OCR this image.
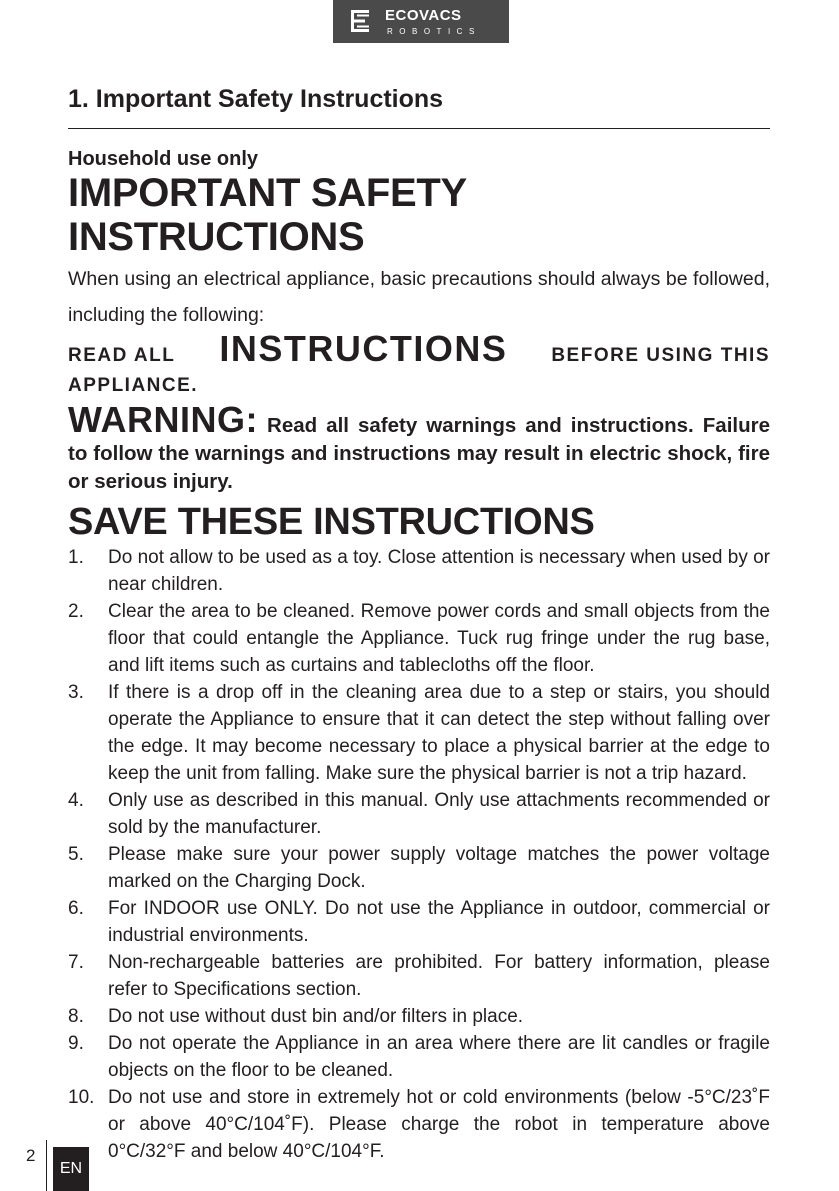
ECOVACS
ROBOTICS
1. Important Safety Instructions

Household use only

IMPORTANT SAFETY INSTRUCTIONS

When using an electrical appliance, basic precautions should always be followed, including the following:

READ ALL INSTRUCTIONS BEFORE USING THIS

APPLIANCE.

WARNING: Read all safety warnings and instructions. Failure to follow the warnings and instructions may result in electric shock, fire or serious injury.

SAVE THESE INSTRUCTIONS
1. Do not allow to be used as a toy. Close attention is necessary when used by or near children.
2. Clear the area to be cleaned. Remove power cords and small objects from the floor that could entangle the Appliance. Tuck rug fringe under the rug base, and lift items such as curtains and tablecloths off the floor.
3. If there is a drop off in the cleaning area due to a step or stairs, you should operate the Appliance to ensure that it can detect the step without falling over the edge. It may become necessary to place a physical barrier at the edge to keep the unit from falling. Make sure the physical barrier is not a trip hazard.
4. Only use as described in this manual. Only use attachments recommended or sold by the manufacturer.
5. Please make sure your power supply voltage matches the power voltage marked on the Charging Dock.
6. For INDOOR use ONLY. Do not use the Appliance in outdoor, commercial or industrial environments.
7. Non-rechargeable batteries are prohibited. For battery information, please refer to Specifications section.
8. Do not use without dust bin and/or filters in place.
9. Do not operate the Appliance in an area where there are lit candles or fragile objects on the floor to be cleaned.
10. Do not use and store in extremely hot or cold environments (below -5°C/23˚F or above 40°C/104˚F). Please charge the robot in temperature above 0°C/32°F and below 40°C/104°F.
2
EN
